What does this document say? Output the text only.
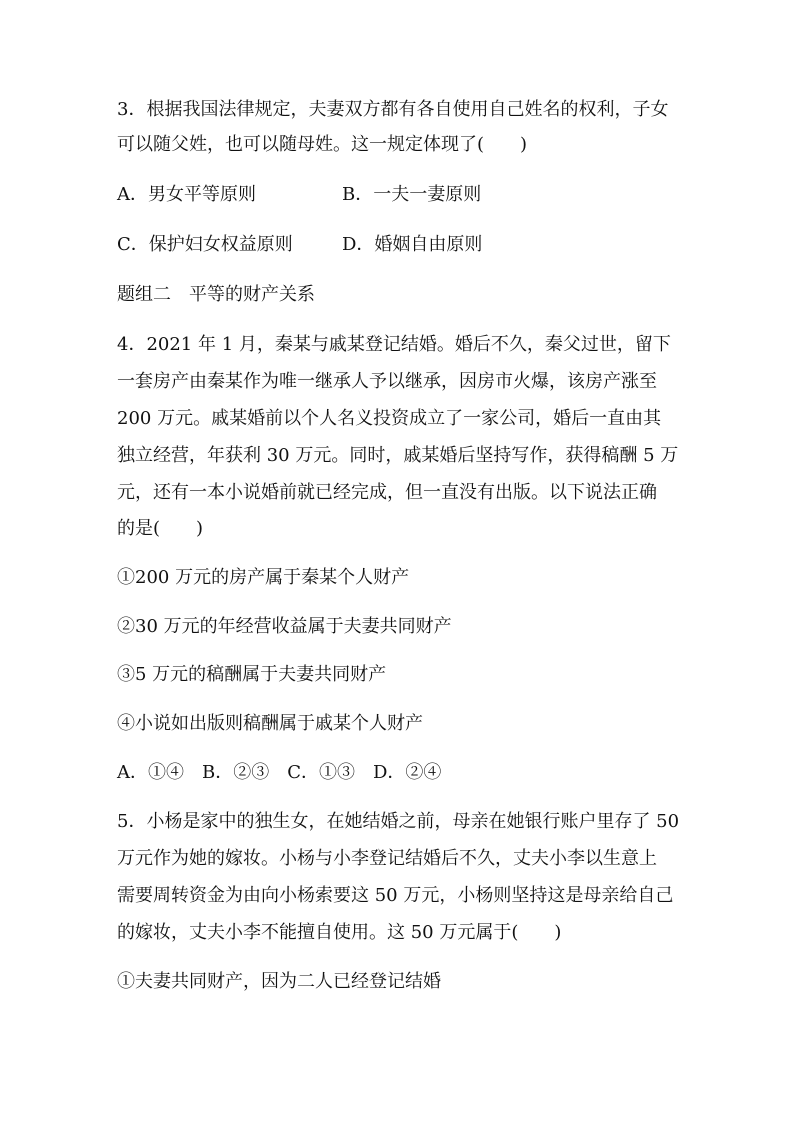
3．根据我国法律规定，夫妻双方都有各自使用自己姓名的权利，子女
可以随父姓，也可以随母姓。这一规定体现了(　　)
A．男女平等原则	B．一夫一妻原则
C．保护妇女权益原则	D．婚姻自由原则
题组二　平等的财产关系
4．2021 年 1 月，秦某与戚某登记结婚。婚后不久，秦父过世，留下
一套房产由秦某作为唯一继承人予以继承，因房市火爆，该房产涨至
200 万元。戚某婚前以个人名义投资成立了一家公司，婚后一直由其
独立经营，年获利 30 万元。同时，戚某婚后坚持写作，获得稿酬 5 万
元，还有一本小说婚前就已经完成，但一直没有出版。以下说法正确
的是(　　)
①200 万元的房产属于秦某个人财产
②30 万元的年经营收益属于夫妻共同财产
③5 万元的稿酬属于夫妻共同财产
④小说如出版则稿酬属于戚某个人财产
A．①④　B．②③　C．①③　D．②④
5．小杨是家中的独生女，在她结婚之前，母亲在她银行账户里存了 50
万元作为她的嫁妆。小杨与小李登记结婚后不久，丈夫小李以生意上
需要周转资金为由向小杨索要这 50 万元，小杨则坚持这是母亲给自己
的嫁妆，丈夫小李不能擅自使用。这 50 万元属于(　　)
①夫妻共同财产，因为二人已经登记结婚
